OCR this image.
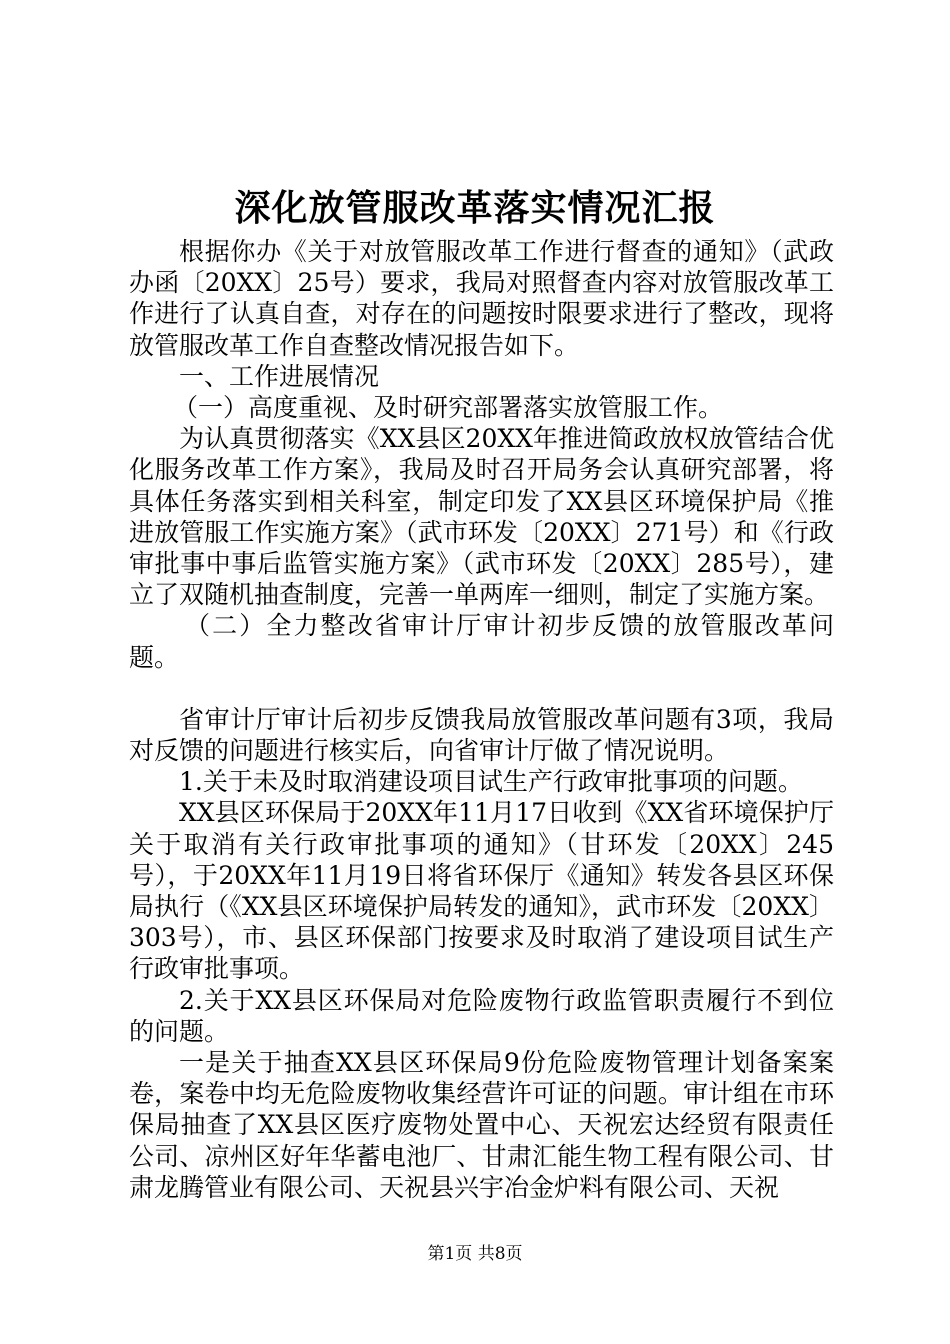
深化放管服改革落实情况汇报

根据你办《关于对放管服改革工作进行督查的通知》（武政办函〔20XX〕25号）要求，我局对照督查内容对放管服改革工作进行了认真自查，对存在的问题按时限要求进行了整改，现将放管服改革工作自查整改情况报告如下。

一、工作进展情况

（一）高度重视、及时研究部署落实放管服工作。

为认真贯彻落实《XX县区20XX年推进简政放权放管结合优化服务改革工作方案》，我局及时召开局务会认真研究部署，将具体任务落实到相关科室，制定印发了XX县区环境保护局《推进放管服工作实施方案》（武市环发〔20XX〕271号）和《行政审批事中事后监管实施方案》（武市环发〔20XX〕285号），建立了双随机抽查制度，完善一单两库一细则，制定了实施方案。

（二）全力整改省审计厅审计初步反馈的放管服改革问题。

省审计厅审计后初步反馈我局放管服改革问题有3项，我局对反馈的问题进行核实后，向省审计厅做了情况说明。

1.关于未及时取消建设项目试生产行政审批事项的问题。

XX县区环保局于20XX年11月17日收到《XX省环境保护厅关于取消有关行政审批事项的通知》（甘环发〔20XX〕245号），于20XX年11月19日将省环保厅《通知》转发各县区环保局执行（《XX县区环境保护局转发的通知》，武市环发〔20XX〕303号），市、县区环保部门按要求及时取消了建设项目试生产行政审批事项。

2.关于XX县区环保局对危险废物行政监管职责履行不到位的问题。

一是关于抽查XX县区环保局9份危险废物管理计划备案案卷，案卷中均无危险废物收集经营许可证的问题。审计组在市环保局抽查了XX县区医疗废物处置中心、天祝宏达经贸有限责任公司、凉州区好年华蓄电池厂、甘肃汇能生物工程有限公司、甘肃龙腾管业有限公司、天祝县兴宇冶金炉料有限公司、天祝

第1页 共8页
